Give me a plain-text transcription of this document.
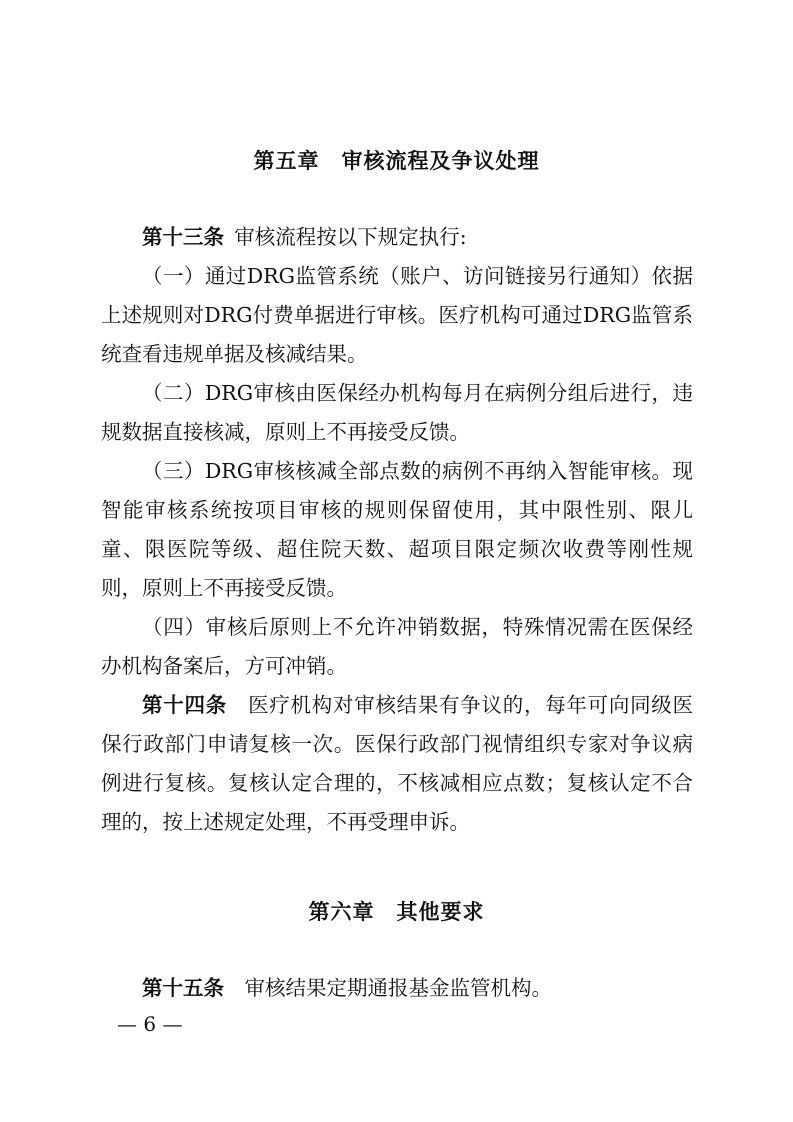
第五章　审核流程及争议处理

第十三条  审核流程按以下规定执行:

（一）通过DRG监管系统（账户、访问链接另行通知）依据上述规则对DRG付费单据进行审核。医疗机构可通过DRG监管系统查看违规单据及核减结果。

（二）DRG审核由医保经办机构每月在病例分组后进行，违规数据直接核减，原则上不再接受反馈。

（三）DRG审核核减全部点数的病例不再纳入智能审核。现智能审核系统按项目审核的规则保留使用，其中限性别、限儿童、限医院等级、超住院天数、超项目限定频次收费等刚性规则，原则上不再接受反馈。

（四）审核后原则上不允许冲销数据，特殊情况需在医保经办机构备案后，方可冲销。

第十四条  医疗机构对审核结果有争议的，每年可向同级医保行政部门申请复核一次。医保行政部门视情组织专家对争议病例进行复核。复核认定合理的，不核减相应点数；复核认定不合理的，按上述规定处理，不再受理申诉。

第六章　其他要求

第十五条  审核结果定期通报基金监管机构。

— 6 —
